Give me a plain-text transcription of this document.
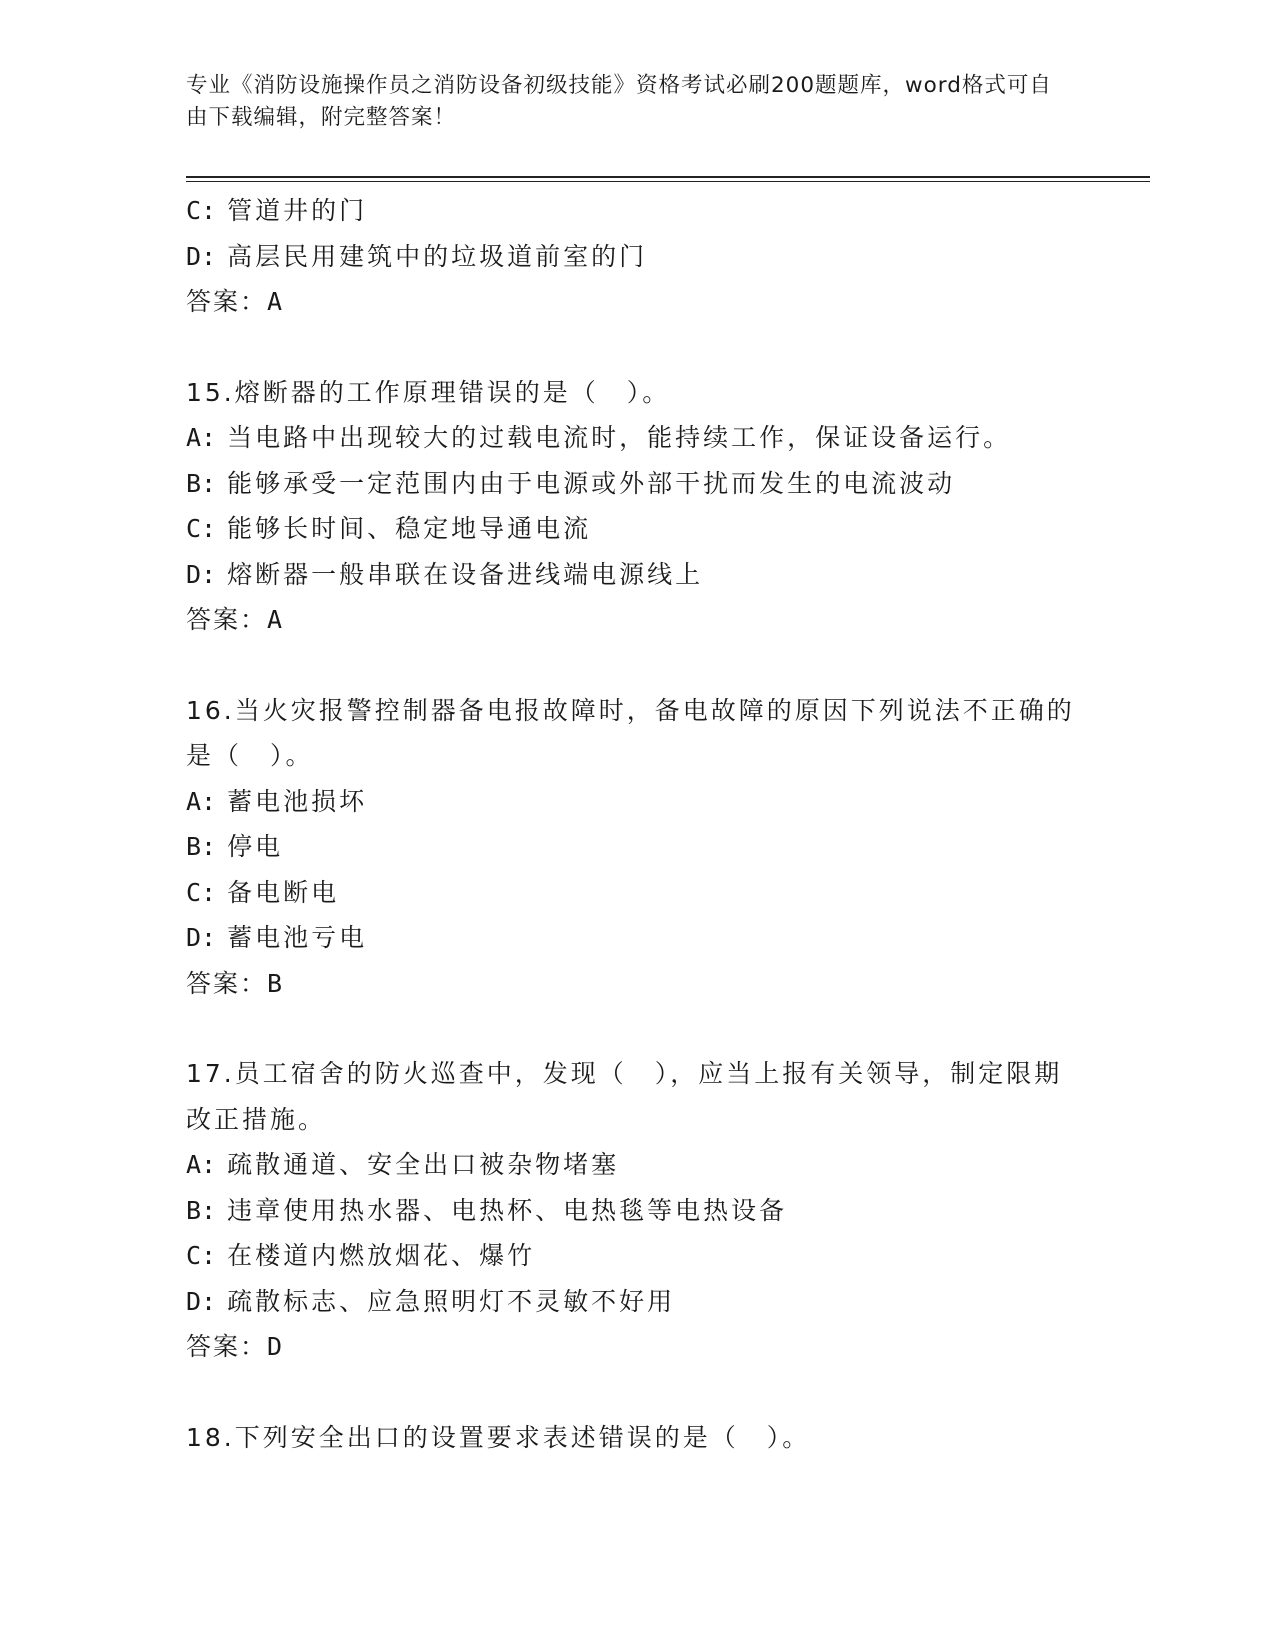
专业《消防设施操作员之消防设备初级技能》资格考试必刷200题题库，word格式可自由下载编辑，附完整答案！
C: 管道井的门
D: 高层民用建筑中的垃圾道前室的门
答案：A
15.熔断器的工作原理错误的是（　）。
A: 当电路中出现较大的过载电流时，能持续工作，保证设备运行。
B: 能够承受一定范围内由于电源或外部干扰而发生的电流波动
C: 能够长时间、稳定地导通电流
D: 熔断器一般串联在设备进线端电源线上
答案：A
16.当火灾报警控制器备电报故障时，备电故障的原因下列说法不正确的是（　）。
A: 蓄电池损坏
B: 停电
C: 备电断电
D: 蓄电池亏电
答案：B
17.员工宿舍的防火巡查中，发现（　），应当上报有关领导，制定限期改正措施。
A: 疏散通道、安全出口被杂物堵塞
B: 违章使用热水器、电热杯、电热毯等电热设备
C: 在楼道内燃放烟花、爆竹
D: 疏散标志、应急照明灯不灵敏不好用
答案：D
18.下列安全出口的设置要求表述错误的是（　）。
